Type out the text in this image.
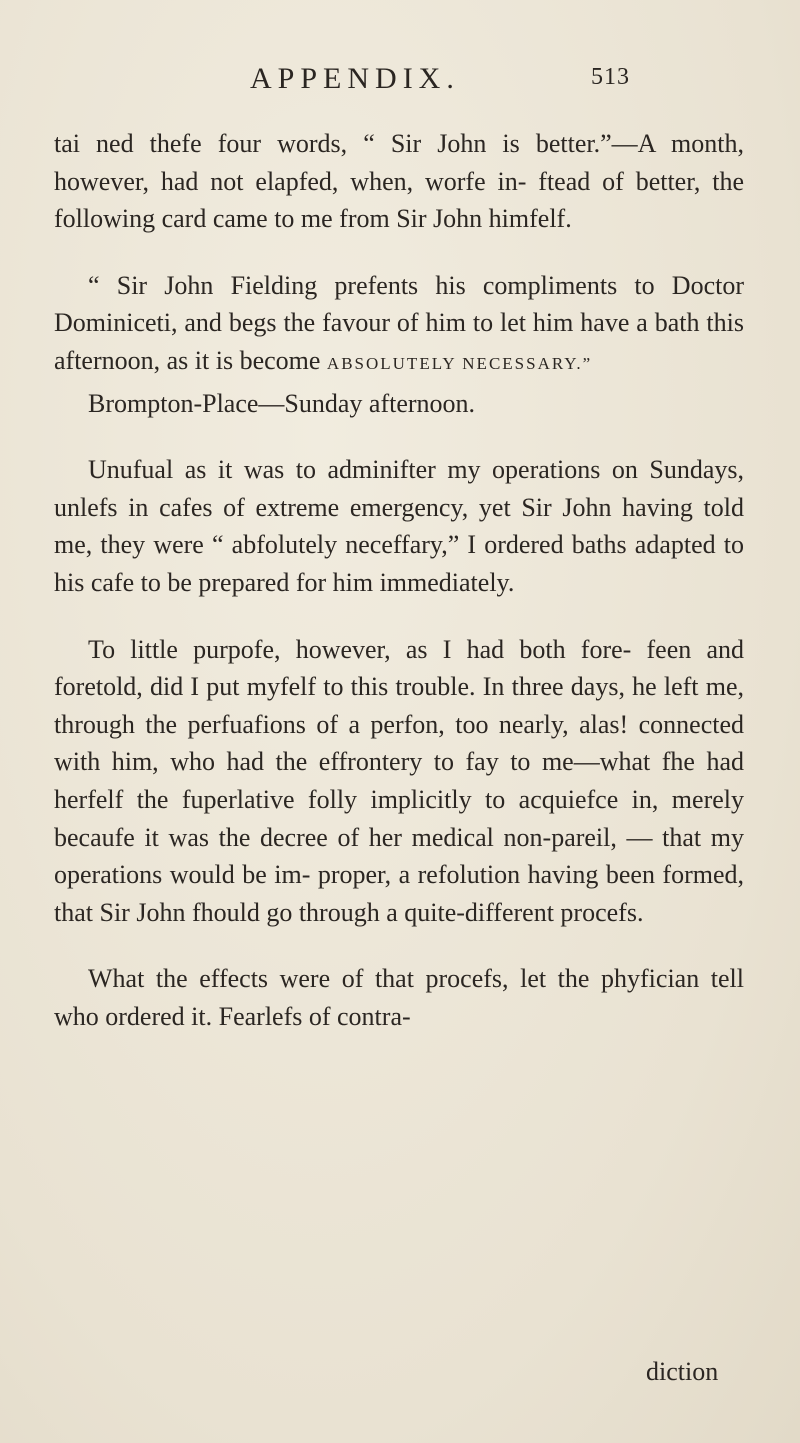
APPENDIX.	513

tai ned thefe four words, “ Sir John is better.”—A month, however, had not elapfed, when, worfe in- ftead of better, the following card came to me from Sir John himfelf.

“ Sir John Fielding prefents his compliments to Doctor Dominiceti, and begs the favour of him to let him have a bath this afternoon, as it is become ABSOLUTELY NECESSARY.”

Brompton-Place—Sunday afternoon.

Unufual as it was to adminifter my operations on Sundays, unlefs in cafes of extreme emergency, yet Sir John having told me, they were “ abfolutely neceffary,” I ordered baths adapted to his cafe to be prepared for him immediately.

To little purpofe, however, as I had both fore- feen and foretold, did I put myfelf to this trouble. In three days, he left me, through the perfuafions of a perfon, too nearly, alas! connected with him, who had the effrontery to fay to me—what fhe had herfelf the fuperlative folly implicitly to acquiefce in, merely becaufe it was the decree of her medical non-pareil, — that my operations would be im- proper, a refolution having been formed, that Sir John fhould go through a quite-different procefs.

What the effects were of that procefs, let the phyfician tell who ordered it. Fearlefs of contra-

diction
